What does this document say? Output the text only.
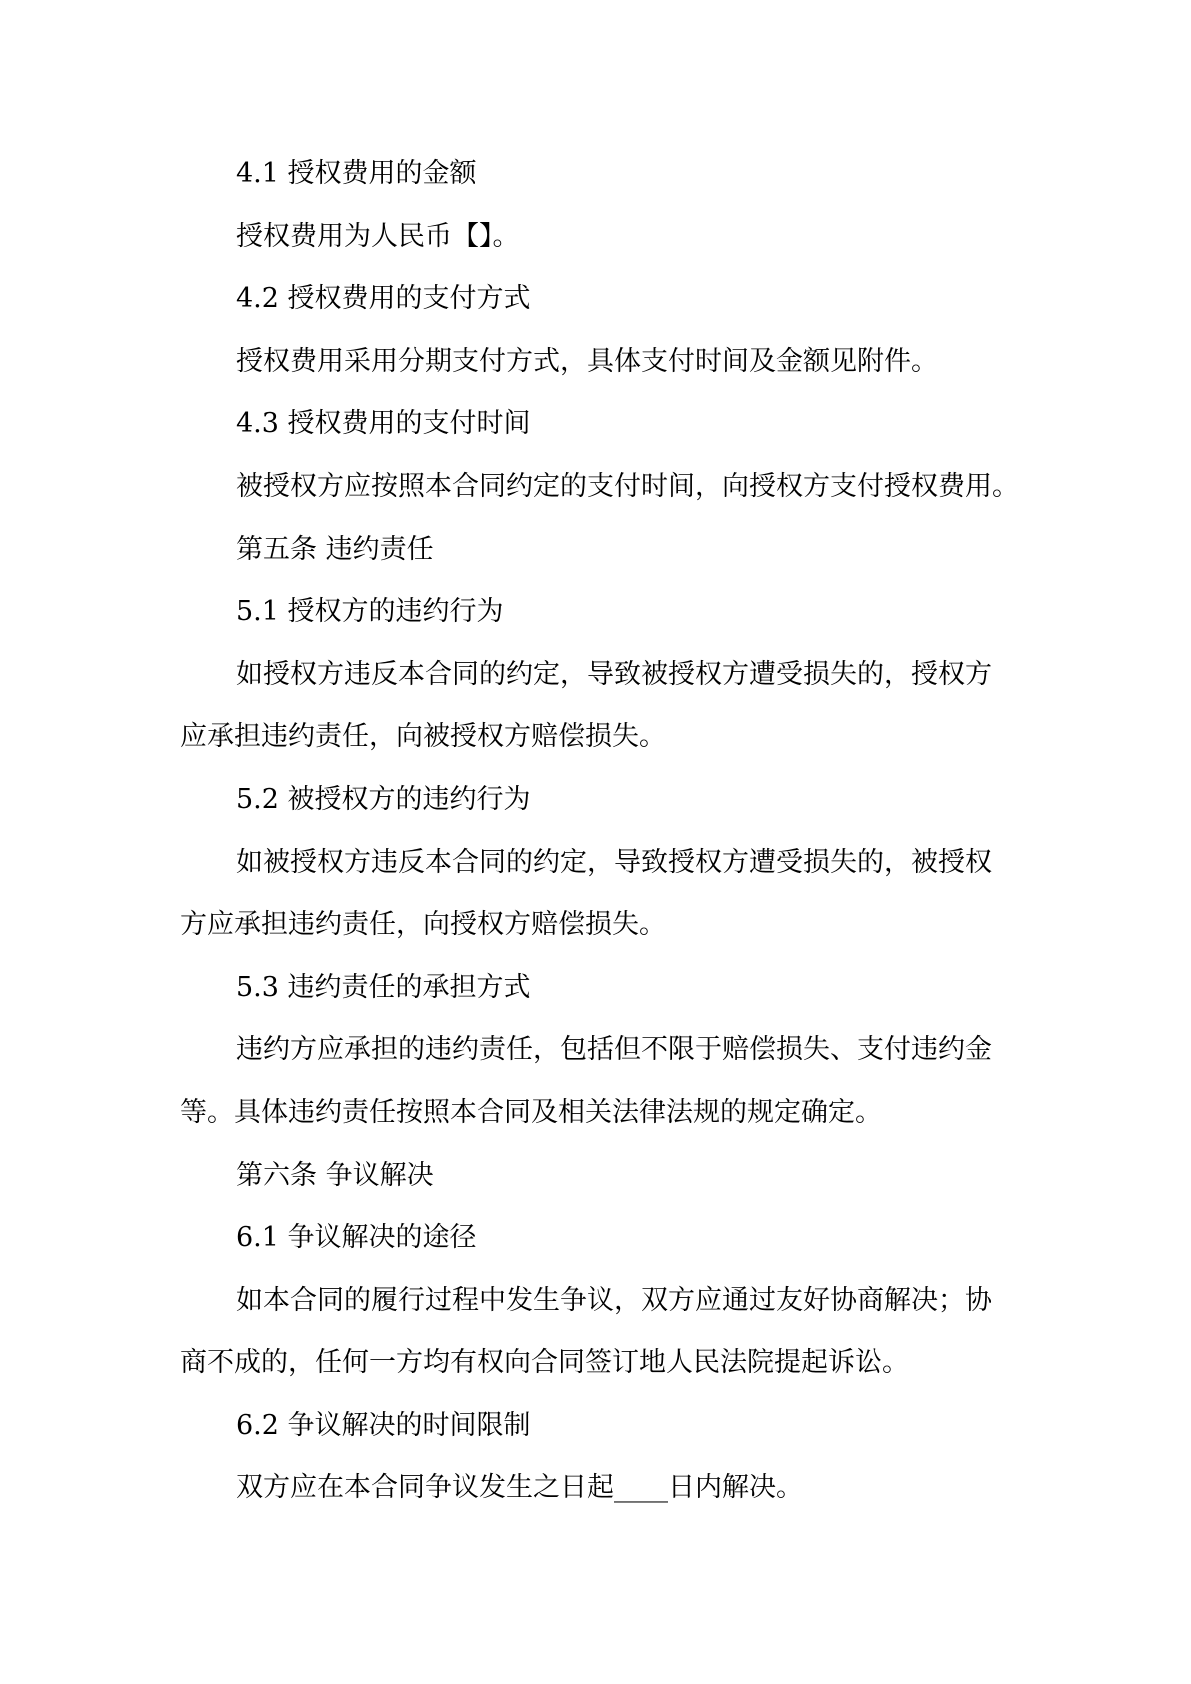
4.1 授权费用的金额
授权费用为人民币【】。
4.2 授权费用的支付方式
授权费用采用分期支付方式，具体支付时间及金额见附件。
4.3 授权费用的支付时间
被授权方应按照本合同约定的支付时间，向授权方支付授权费用。
第五条 违约责任
5.1 授权方的违约行为
如授权方违反本合同的约定，导致被授权方遭受损失的，授权方
应承担违约责任，向被授权方赔偿损失。
5.2 被授权方的违约行为
如被授权方违反本合同的约定，导致授权方遭受损失的，被授权
方应承担违约责任，向授权方赔偿损失。
5.3 违约责任的承担方式
违约方应承担的违约责任，包括但不限于赔偿损失、支付违约金
等。具体违约责任按照本合同及相关法律法规的规定确定。
第六条 争议解决
6.1 争议解决的途径
如本合同的履行过程中发生争议，双方应通过友好协商解决；协
商不成的，任何一方均有权向合同签订地人民法院提起诉讼。
6.2 争议解决的时间限制
双方应在本合同争议发生之日起____日内解决。
